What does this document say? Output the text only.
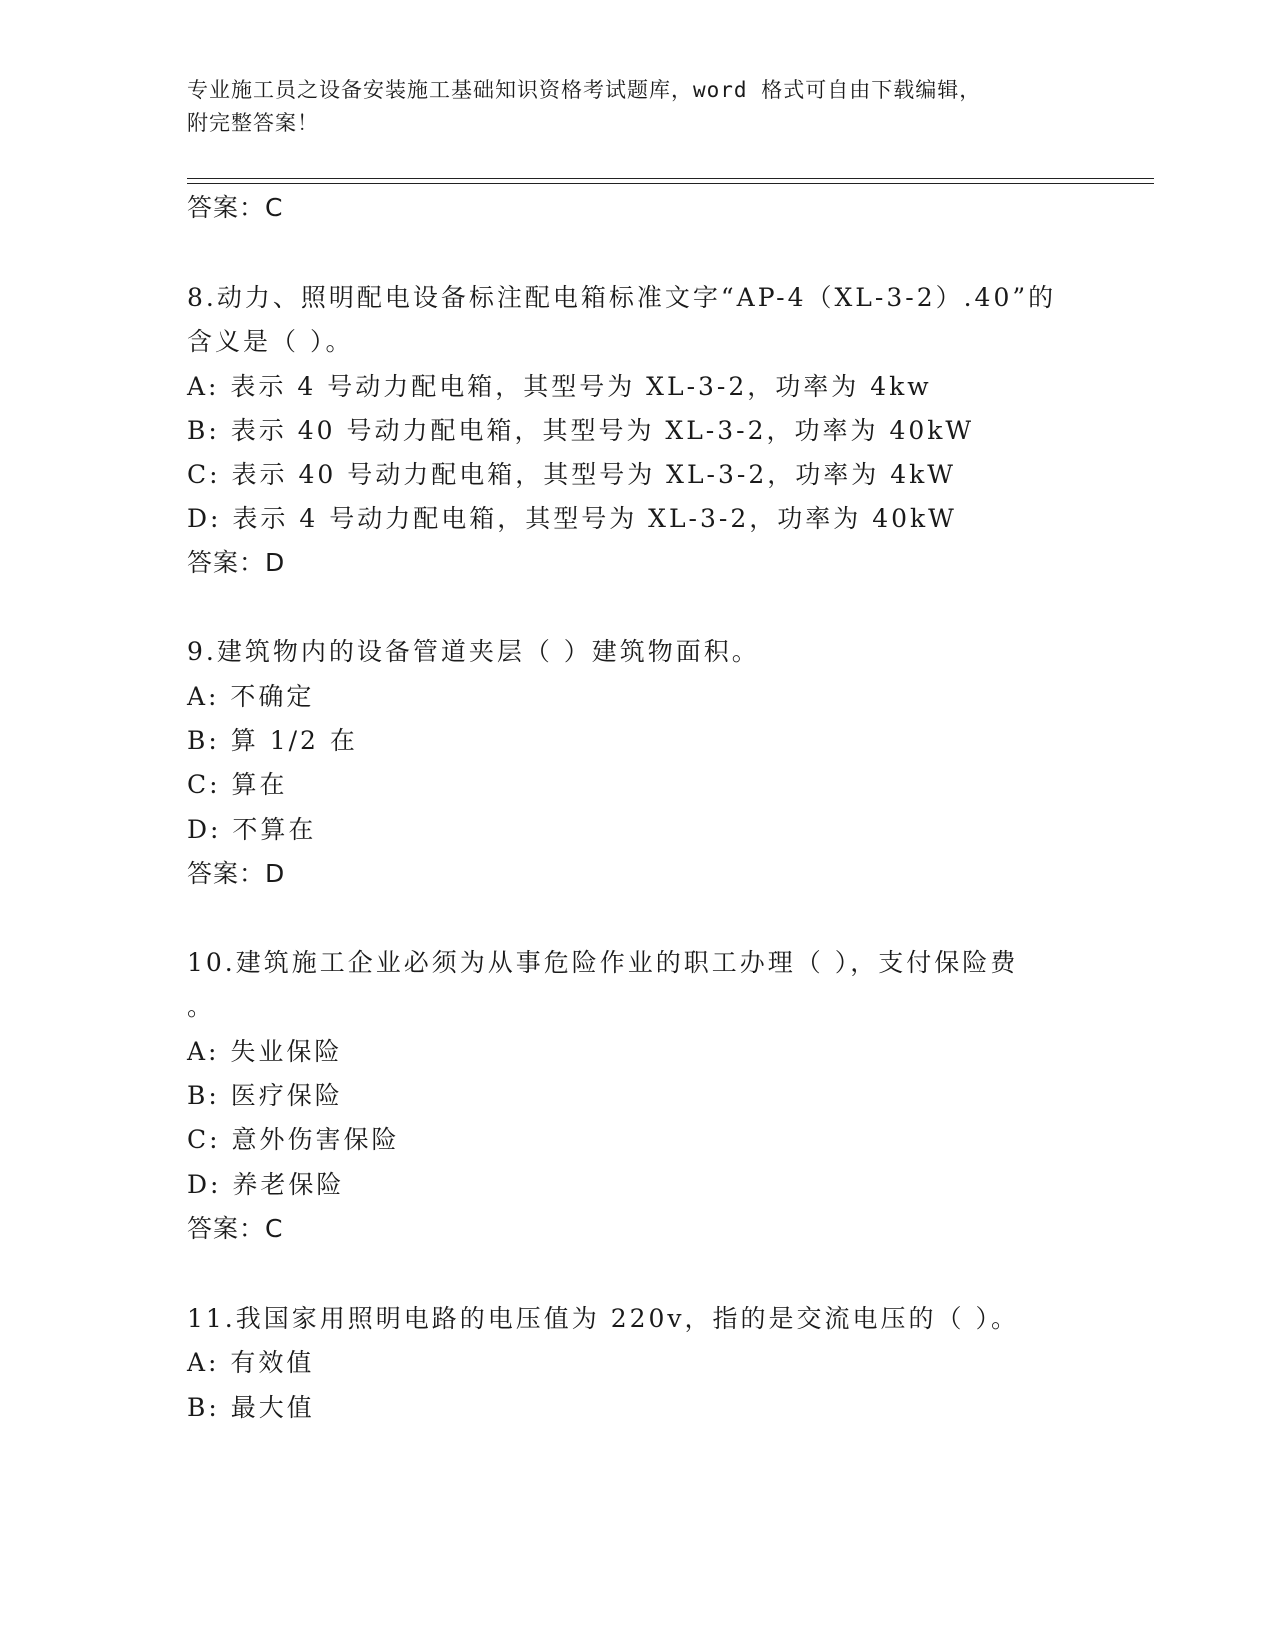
专业施工员之设备安装施工基础知识资格考试题库，word 格式可自由下载编辑，
附完整答案！
答案：C
8.动力、照明配电设备标注配电箱标准文字“AP-4（XL-3-2）.40”的
含义是（ ）。
A: 表示 4 号动力配电箱，其型号为 XL-3-2，功率为 4kw
B: 表示 40 号动力配电箱，其型号为 XL-3-2，功率为 40kW
C: 表示 40 号动力配电箱，其型号为 XL-3-2，功率为 4kW
D: 表示 4 号动力配电箱，其型号为 XL-3-2，功率为 40kW
答案：D
9.建筑物内的设备管道夹层（ ）建筑物面积。
A: 不确定
B: 算 1/2 在
C: 算在
D: 不算在
答案：D
10.建筑施工企业必须为从事危险作业的职工办理（ ），支付保险费
。
A: 失业保险
B: 医疗保险
C: 意外伤害保险
D: 养老保险
答案：C
11.我国家用照明电路的电压值为 220v，指的是交流电压的（ ）。
A: 有效值
B: 最大值
